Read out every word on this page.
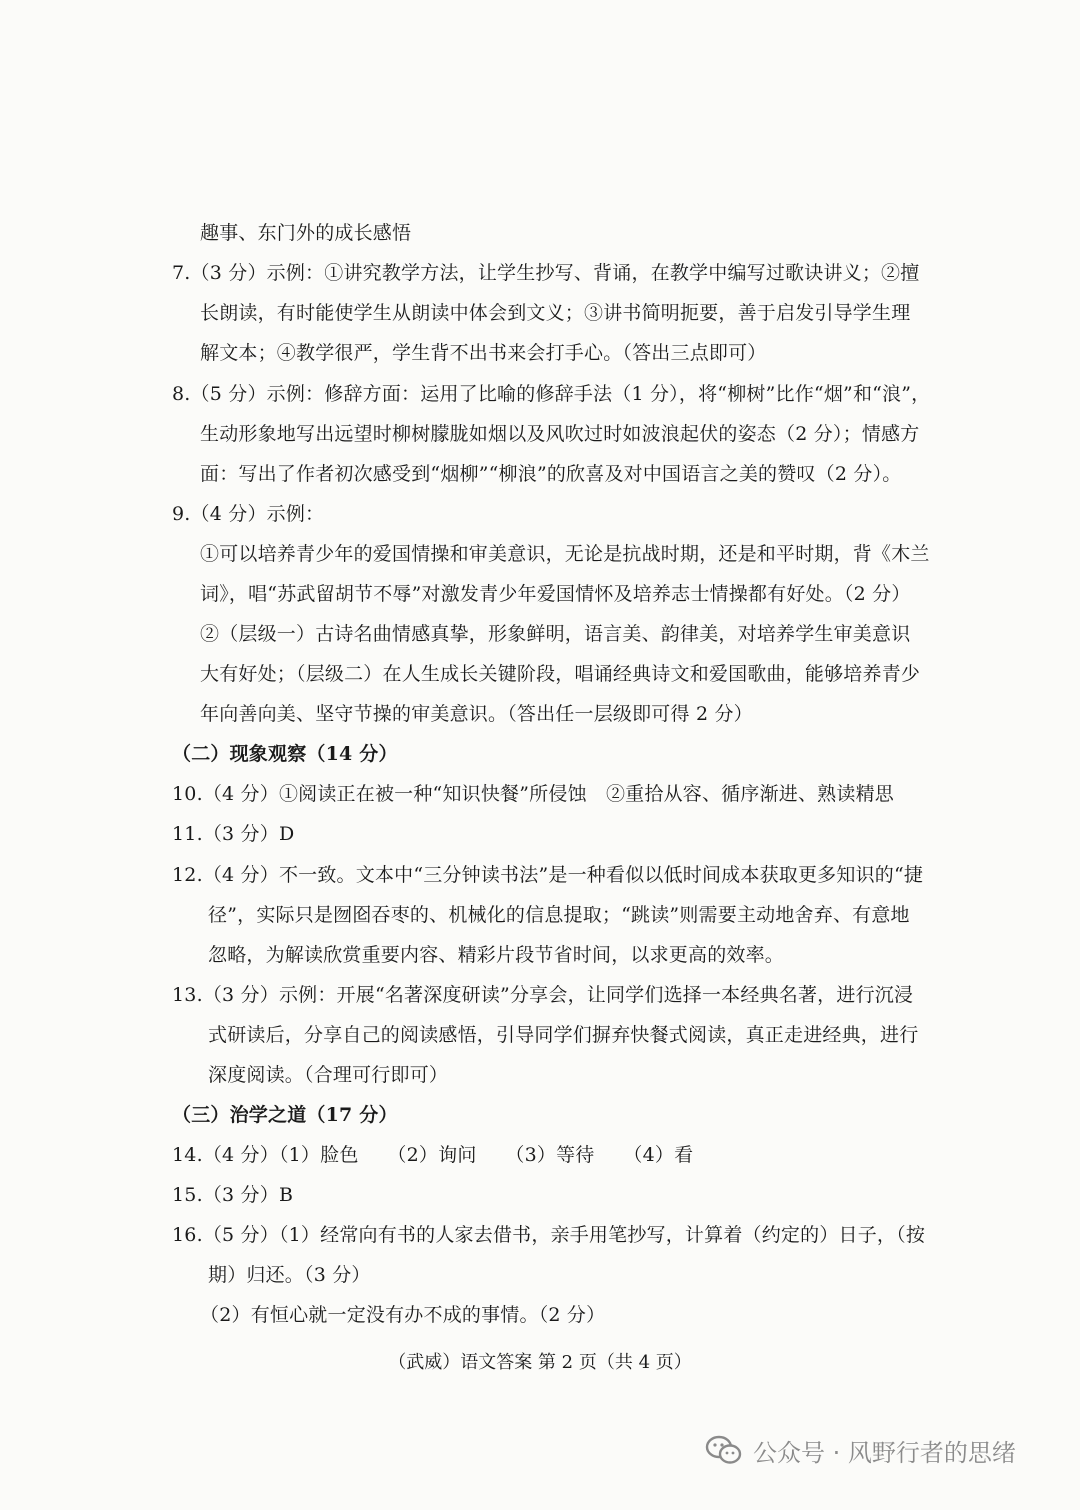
趣事、东门外的成长感悟
7.（3 分）示例：①讲究教学方法，让学生抄写、背诵，在教学中编写过歌诀讲义；②擅
长朗读，有时能使学生从朗读中体会到文义；③讲书简明扼要，善于启发引导学生理
解文本；④教学很严，学生背不出书来会打手心。（答出三点即可）
8.（5 分）示例：修辞方面：运用了比喻的修辞手法（1 分），将“柳树”比作“烟”和“浪”，
生动形象地写出远望时柳树朦胧如烟以及风吹过时如波浪起伏的姿态（2 分）；情感方
面：写出了作者初次感受到“烟柳”“柳浪”的欣喜及对中国语言之美的赞叹（2 分）。
9.（4 分）示例：
①可以培养青少年的爱国情操和审美意识，无论是抗战时期，还是和平时期，背《木兰
词》，唱“苏武留胡节不辱”对激发青少年爱国情怀及培养志士情操都有好处。（2 分）
②（层级一）古诗名曲情感真挚，形象鲜明，语言美、韵律美，对培养学生审美意识
大有好处；（层级二）在人生成长关键阶段，唱诵经典诗文和爱国歌曲，能够培养青少
年向善向美、坚守节操的审美意识。（答出任一层级即可得 2 分）
（二）现象观察（14 分）
10.（4 分）①阅读正在被一种“知识快餐”所侵蚀　②重拾从容、循序渐进、熟读精思
11.（3 分）D
12.（4 分）不一致。文本中“三分钟读书法”是一种看似以低时间成本获取更多知识的“捷
径”，实际只是囫囵吞枣的、机械化的信息提取；“跳读”则需要主动地舍弃、有意地
忽略，为解读欣赏重要内容、精彩片段节省时间，以求更高的效率。
13.（3 分）示例：开展“名著深度研读”分享会，让同学们选择一本经典名著，进行沉浸
式研读后，分享自己的阅读感悟，引导同学们摒弃快餐式阅读，真正走进经典，进行
深度阅读。（合理可行即可）
（三）治学之道（17 分）
14.（4 分）（1）脸色　　（2）询问　　（3）等待　　（4）看
15.（3 分）B
16.（5 分）（1）经常向有书的人家去借书，亲手用笔抄写，计算着（约定的）日子，（按
期）归还。（3 分）
（2）有恒心就一定没有办不成的事情。（2 分）
（武威）语文答案 第 2 页（共 4 页）
公众号 · 风野行者的思绪
